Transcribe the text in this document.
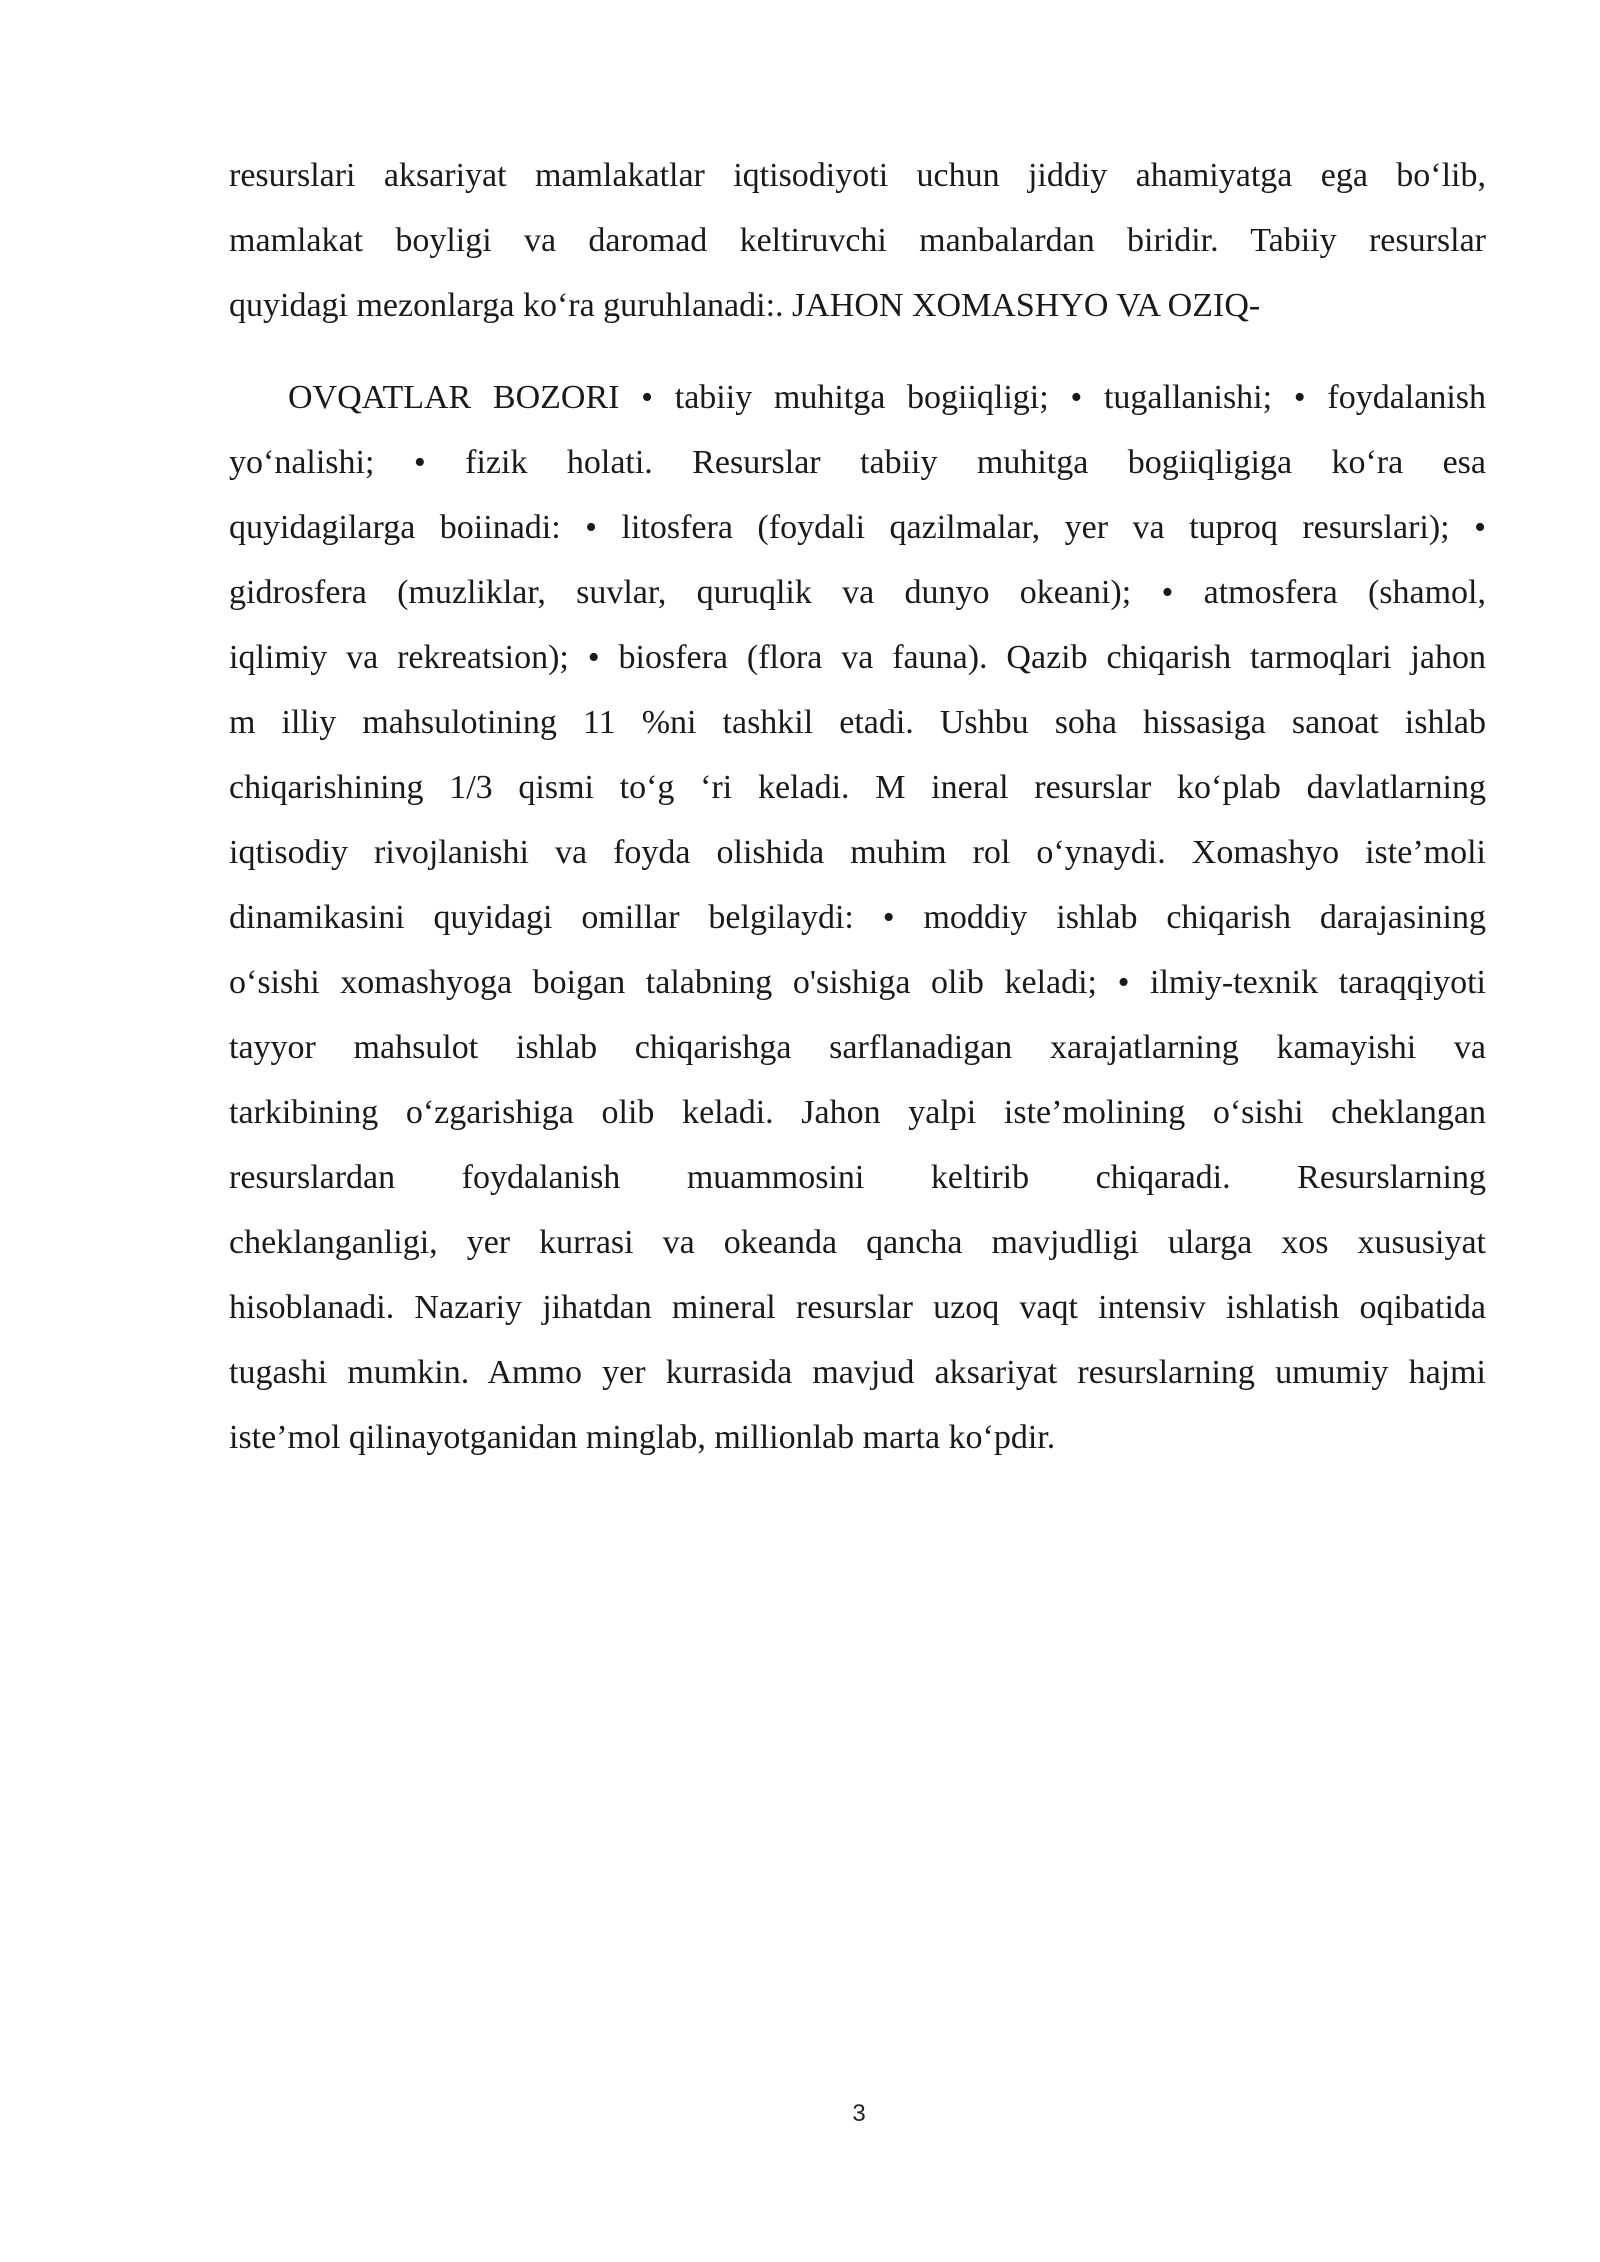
resurslari aksariyat mamlakatlar iqtisodiyoti uchun jiddiy ahamiyatga ega bo‘lib,
mamlakat boyligi va daromad keltiruvchi manbalardan biridir. Tabiiy resurslar
quyidagi mezonlarga ko‘ra guruhlanadi:. JAHON XOMASHYO VA OZIQ-
OVQATLAR BOZORI • tabiiy muhitga bogiiqligi; • tugallanishi; • foydalanish
yo‘nalishi; • fizik holati. Resurslar tabiiy muhitga bogiiqligiga ko‘ra esa
quyidagilarga boiinadi: • litosfera (foydali qazilmalar, yer va tuproq resurslari); •
gidrosfera (muzliklar, suvlar, quruqlik va dunyo okeani); • atmosfera (shamol,
iqlimiy va rekreatsion); • biosfera (flora va fauna). Qazib chiqarish tarmoqlari jahon
m illiy mahsulotining 11 %ni tashkil etadi. Ushbu soha hissasiga sanoat ishlab
chiqarishining 1/3 qismi to‘g ‘ri keladi. M ineral resurslar ko‘plab davlatlarning
iqtisodiy rivojlanishi va foyda olishida muhim rol o‘ynaydi. Xomashyo iste’moli
dinamikasini quyidagi omillar belgilaydi: • moddiy ishlab chiqarish darajasining
o‘sishi xomashyoga boigan talabning o'sishiga olib keladi; • ilmiy-texnik taraqqiyoti
tayyor mahsulot ishlab chiqarishga sarflanadigan xarajatlarning kamayishi va
tarkibining o‘zgarishiga olib keladi. Jahon yalpi iste’molining o‘sishi cheklangan
resurslardan foydalanish muammosini keltirib chiqaradi. Resurslarning
cheklanganligi, yer kurrasi va okeanda qancha mavjudligi ularga xos xususiyat
hisoblanadi. Nazariy jihatdan mineral resurslar uzoq vaqt intensiv ishlatish oqibatida
tugashi mumkin. Ammo yer kurrasida mavjud aksariyat resurslarning umumiy hajmi
iste’mol qilinayotganidan minglab, millionlab marta ko‘pdir.
3
